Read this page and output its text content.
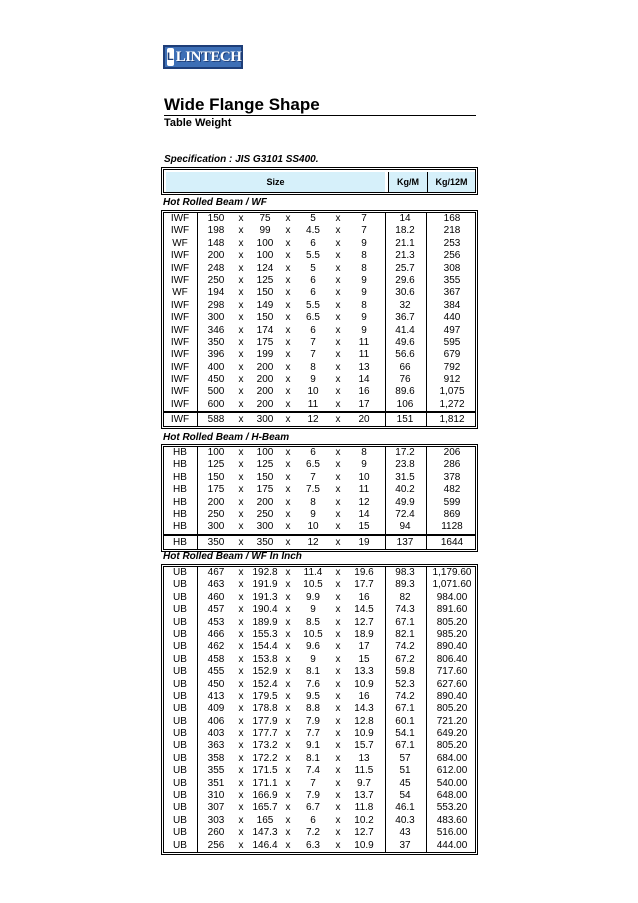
L LINTECH
Wide Flange Shape
Table Weight
Specification : JIS G3101 SS400.
Size	Kg/M	Kg/12M
Hot Rolled Beam / WF
IWF	150	x	75	x	5	x	7	14	168
IWF	198	x	99	x	4.5	x	7	18.2	218
WF	148	x	100	x	6	x	9	21.1	253
IWF	200	x	100	x	5.5	x	8	21.3	256
IWF	248	x	124	x	5	x	8	25.7	308
IWF	250	x	125	x	6	x	9	29.6	355
WF	194	x	150	x	6	x	9	30.6	367
IWF	298	x	149	x	5.5	x	8	32	384
IWF	300	x	150	x	6.5	x	9	36.7	440
IWF	346	x	174	x	6	x	9	41.4	497
IWF	350	x	175	x	7	x	11	49.6	595
IWF	396	x	199	x	7	x	11	56.6	679
IWF	400	x	200	x	8	x	13	66	792
IWF	450	x	200	x	9	x	14	76	912
IWF	500	x	200	x	10	x	16	89.6	1,075
IWF	600	x	200	x	11	x	17	106	1,272
IWF	588	x	300	x	12	x	20	151	1,812
Hot Rolled Beam / H-Beam
HB	100	x	100	x	6	x	8	17.2	206
HB	125	x	125	x	6.5	x	9	23.8	286
HB	150	x	150	x	7	x	10	31.5	378
HB	175	x	175	x	7.5	x	11	40.2	482
HB	200	x	200	x	8	x	12	49.9	599
HB	250	x	250	x	9	x	14	72.4	869
HB	300	x	300	x	10	x	15	94	1128
HB	350	x	350	x	12	x	19	137	1644
Hot Rolled Beam / WF In Inch
UB	467	x 192.8 x	11.4	x	19.6	98.3	1,179.60
UB	463	x 191.9 x	10.5	x	17.7	89.3	1,071.60
UB	460	x 191.3 x	9.9	x	16	82	984.00
UB	457	x 190.4 x	9	x	14.5	74.3	891.60
UB	453	x 189.9 x	8.5	x	12.7	67.1	805.20
UB	466	x 155.3 x	10.5	x	18.9	82.1	985.20
UB	462	x 154.4 x	9.6	x	17	74.2	890.40
UB	458	x 153.8 x	9	x	15	67.2	806.40
UB	455	x 152.9 x	8.1	x	13.3	59.8	717.60
UB	450	x 152.4 x	7.6	x	10.9	52.3	627.60
UB	413	x 179.5 x	9.5	x	16	74.2	890.40
UB	409	x 178.8 x	8.8	x	14.3	67.1	805.20
UB	406	x 177.9 x	7.9	x	12.8	60.1	721.20
UB	403	x 177.7 x	7.7	x	10.9	54.1	649.20
UB	363	x 173.2 x	9.1	x	15.7	67.1	805.20
UB	358	x 172.2 x	8.1	x	13	57	684.00
UB	355	x 171.5 x	7.4	x	11.5	51	612.00
UB	351	x 171.1 x	7	x	9.7	45	540.00
UB	310	x 166.9 x	7.9	x	13.7	54	648.00
UB	307	x 165.7 x	6.7	x	11.8	46.1	553.20
UB	303	x	165	x	6	x	10.2	40.3	483.60
UB	260	x 147.3 x	7.2	x	12.7	43	516.00
UB	256	x 146.4 x	6.3	x	10.9	37	444.00
